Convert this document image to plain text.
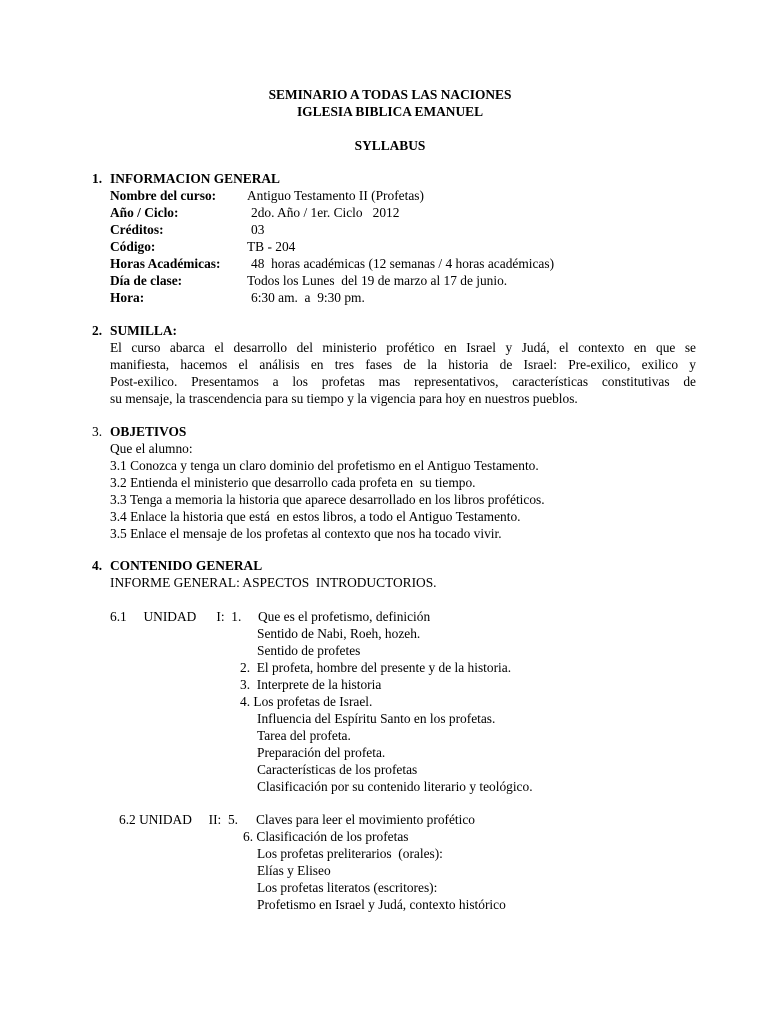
SEMINARIO A TODAS LAS NACIONES
IGLESIA BIBLICA EMANUEL
SYLLABUS
1. INFORMACION GENERAL
Nombre del curso: Antiguo Testamento II (Profetas)
Año / Ciclo:	2do. Año / 1er. Ciclo   2012
Créditos:	03
Código:	TB - 204
Horas Académicas: 48  horas académicas (12 semanas / 4 horas académicas)
Día de clase:	Todos los Lunes  del 19 de marzo al 17 de junio.
Hora:	6:30 am.  a  9:30 pm.
2. SUMILLA:
El curso abarca el desarrollo del ministerio profético en Israel y Judá, el contexto en que se
manifiesta, hacemos el análisis en tres fases de la historia de Israel: Pre-exilico, exilico y
Post-exilico. Presentamos a los profetas mas representativos, características constitutivas de
su mensaje, la trascendencia para su tiempo y la vigencia para hoy en nuestros pueblos.
3. OBJETIVOS
Que el alumno:
3.1 Conozca y tenga un claro dominio del profetismo en el Antiguo Testamento.
3.2 Entienda el ministerio que desarrollo cada profeta en  su tiempo.
3.3 Tenga a memoria la historia que aparece desarrollado en los libros proféticos.
3.4 Enlace la historia que está  en estos libros, a todo el Antiguo Testamento.
3.5 Enlace el mensaje de los profetas al contexto que nos ha tocado vivir.
4. CONTENIDO GENERAL
INFORME GENERAL: ASPECTOS  INTRODUCTORIOS.
6.1     UNIDAD      I:  1. Que es el profetismo, definición
Sentido de Nabi, Roeh, hozeh.
Sentido de profetes
2.  El profeta, hombre del presente y de la historia.
3.  Interprete de la historia
4. Los profetas de Israel.
Influencia del Espíritu Santo en los profetas.
Tarea del profeta.
Preparación del profeta.
Características de los profetas
Clasificación por su contenido literario y teológico.
6.2 UNIDAD     II:  5. Claves para leer el movimiento profético
6. Clasificación de los profetas
Los profetas preliterarios  (orales):
Elías y Eliseo
Los profetas literatos (escritores):
Profetismo en Israel y Judá, contexto histórico
